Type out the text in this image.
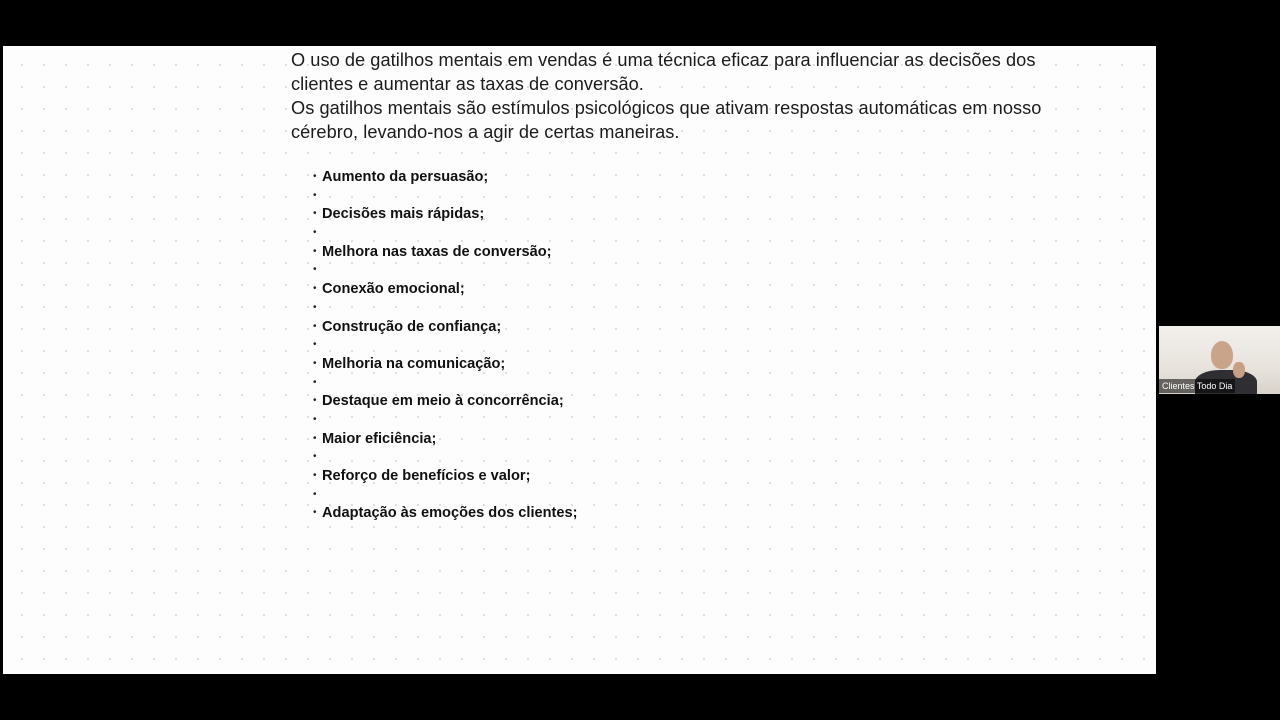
O uso de gatilhos mentais em vendas é uma técnica eficaz para influenciar as decisões dos clientes e aumentar as taxas de conversão.

Os gatilhos mentais são estímulos psicológicos que ativam respostas automáticas em nosso cérebro, levando-nos a agir de certas maneiras.

• Aumento da persuasão;
•
• Decisões mais rápidas;
•
• Melhora nas taxas de conversão;
•
• Conexão emocional;
•
• Construção de confiança;
•
• Melhoria na comunicação;
•
• Destaque em meio à concorrência;
•
• Maior eficiência;
•
• Reforço de benefícios e valor;
•
• Adaptação às emoções dos clientes;
Clientes Todo Dia
